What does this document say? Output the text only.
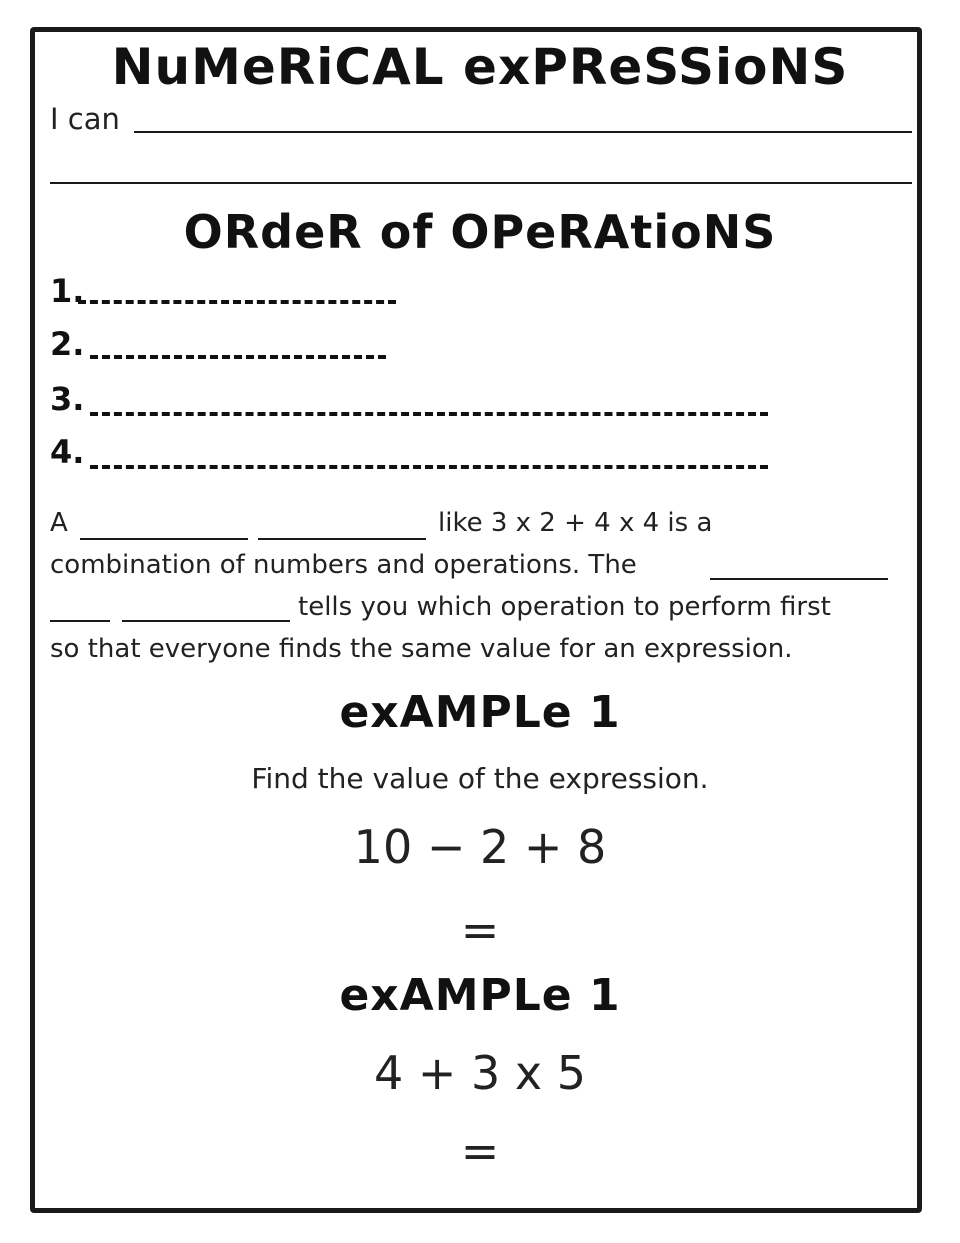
NuMeRiCAL exPReSSioNS
I can
ORdeR of OPeRAtioNS
1.
2.
3.
4.
A	like 3 x 2 + 4 x 4 is a
combination of numbers and operations. The
tells you which operation to perform first
so that everyone finds the same value for an expression.
exAMPLe 1
Find the value of the expression.
10 − 2 + 8
=
exAMPLe 1
4 + 3 x 5
=
